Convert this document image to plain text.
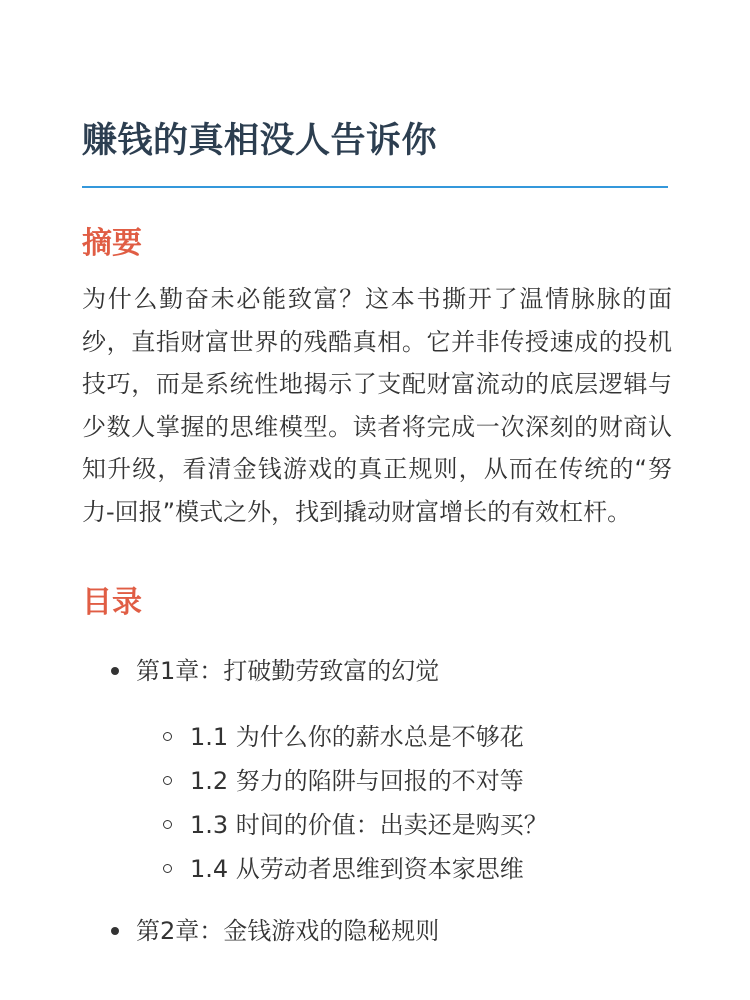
赚钱的真相没人告诉你
摘要

为什么勤奋未必能致富？这本书撕开了温情脉脉的面纱，直指财富世界的残酷真相。它并非传授速成的投机技巧，而是系统性地揭示了支配财富流动的底层逻辑与少数人掌握的思维模型。读者将完成一次深刻的财商认知升级，看清金钱游戏的真正规则，从而在传统的“努力-回报”模式之外，找到撬动财富增长的有效杠杆。

目录
第1章：打破勤劳致富的幻觉
1.1 为什么你的薪水总是不够花
1.2 努力的陷阱与回报的不对等
1.3 时间的价值：出卖还是购买？
1.4 从劳动者思维到资本家思维
第2章：金钱游戏的隐秘规则
